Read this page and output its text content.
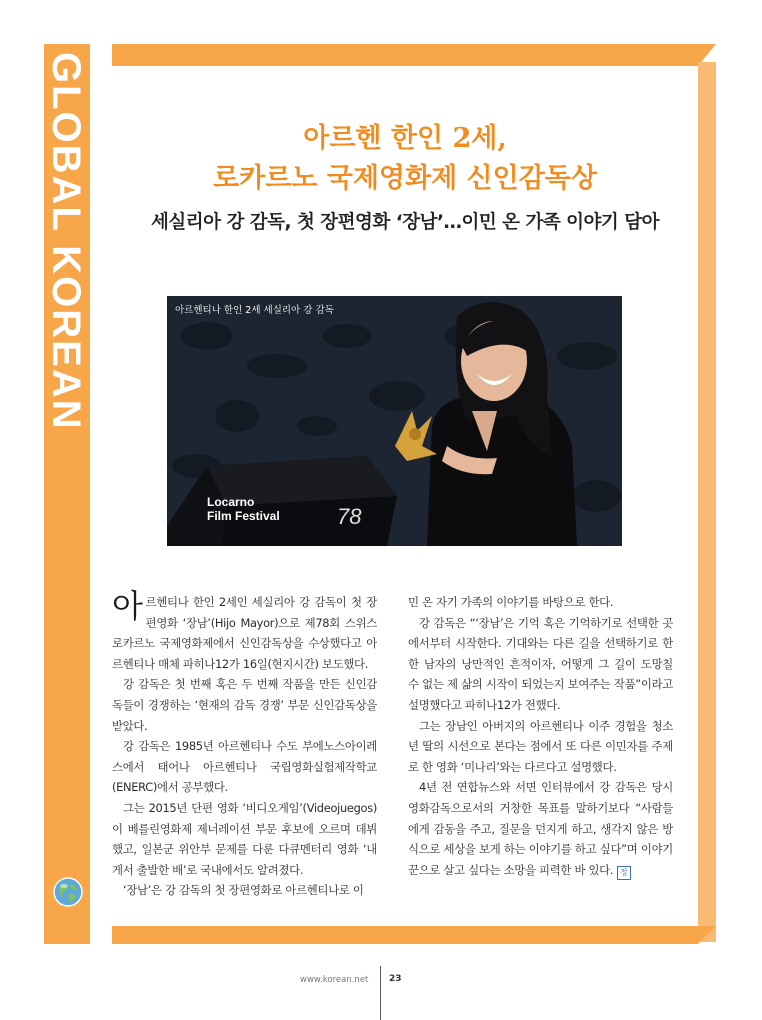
GLOBAL KOREAN	아르헨 한인 2세,
로카르노 국제영화제 신인감독상
세실리아 강 감독, 첫 장편영화 ‘장남’…이민 온 가족 이야기 담아
Locarno
Film Festival	78
아르헨티나 한인 2세 세실리아 강 감독

아르헨티나 한인 2세인 세실리아 강 감독이 첫 장편영화 ‘장남’(Hijo Mayor)으로 제78회 스위스 로카르노 국제영화제에서 신인감독상을 수상했다고 아르헨티나 매체 파히나12가 16일(현지시간) 보도했다.

강 감독은 첫 번째 혹은 두 번째 작품을 만든 신인감독들이 경쟁하는 ‘현재의 감독 경쟁’ 부문 신인감독상을 받았다.

강 감독은 1985년 아르헨티나 수도 부에노스아이레스에서 태어나 아르헨티나 국립영화실험제작학교(ENERC)에서 공부했다.

그는 2015년 단편 영화 ‘비디오게임’(Videojuegos)이 베를린영화제 제너레이션 부문 후보에 오르며 데뷔했고, 일본군 위안부 문제를 다룬 다큐멘터리 영화 ‘내게서 출발한 배’로 국내에서도 알려졌다.

‘장남’은 강 감독의 첫 장편영화로 아르헨티나로 이

민 온 자기 가족의 이야기를 바탕으로 한다.

강 감독은 “‘장남’은 기억 혹은 기억하기로 선택한 곳에서부터 시작한다. 기대와는 다른 길을 선택하기로 한 한 남자의 낭만적인 흔적이자, 어떻게 그 길이 도망칠 수 없는 제 삶의 시작이 되었는지 보여주는 작품”이라고 설명했다고 파히나12가 전했다.

그는 장남인 아버지의 아르헨티나 이주 경험을 청소년 딸의 시선으로 본다는 점에서 또 다른 이민자를 주제로 한 영화 ‘미나리’와는 다르다고 설명했다.

4년 전 연합뉴스와 서면 인터뷰에서 강 감독은 당시 영화감독으로서의 거창한 목표를 말하기보다 “사람들에게 감동을 주고, 질문을 던지게 하고, 생각지 않은 방식으로 세상을 보게 하는 이야기를 하고 싶다”며 이야기꾼으로 살고 싶다는 소망을 피력한 바 있다. 정

www.korean.net 23
